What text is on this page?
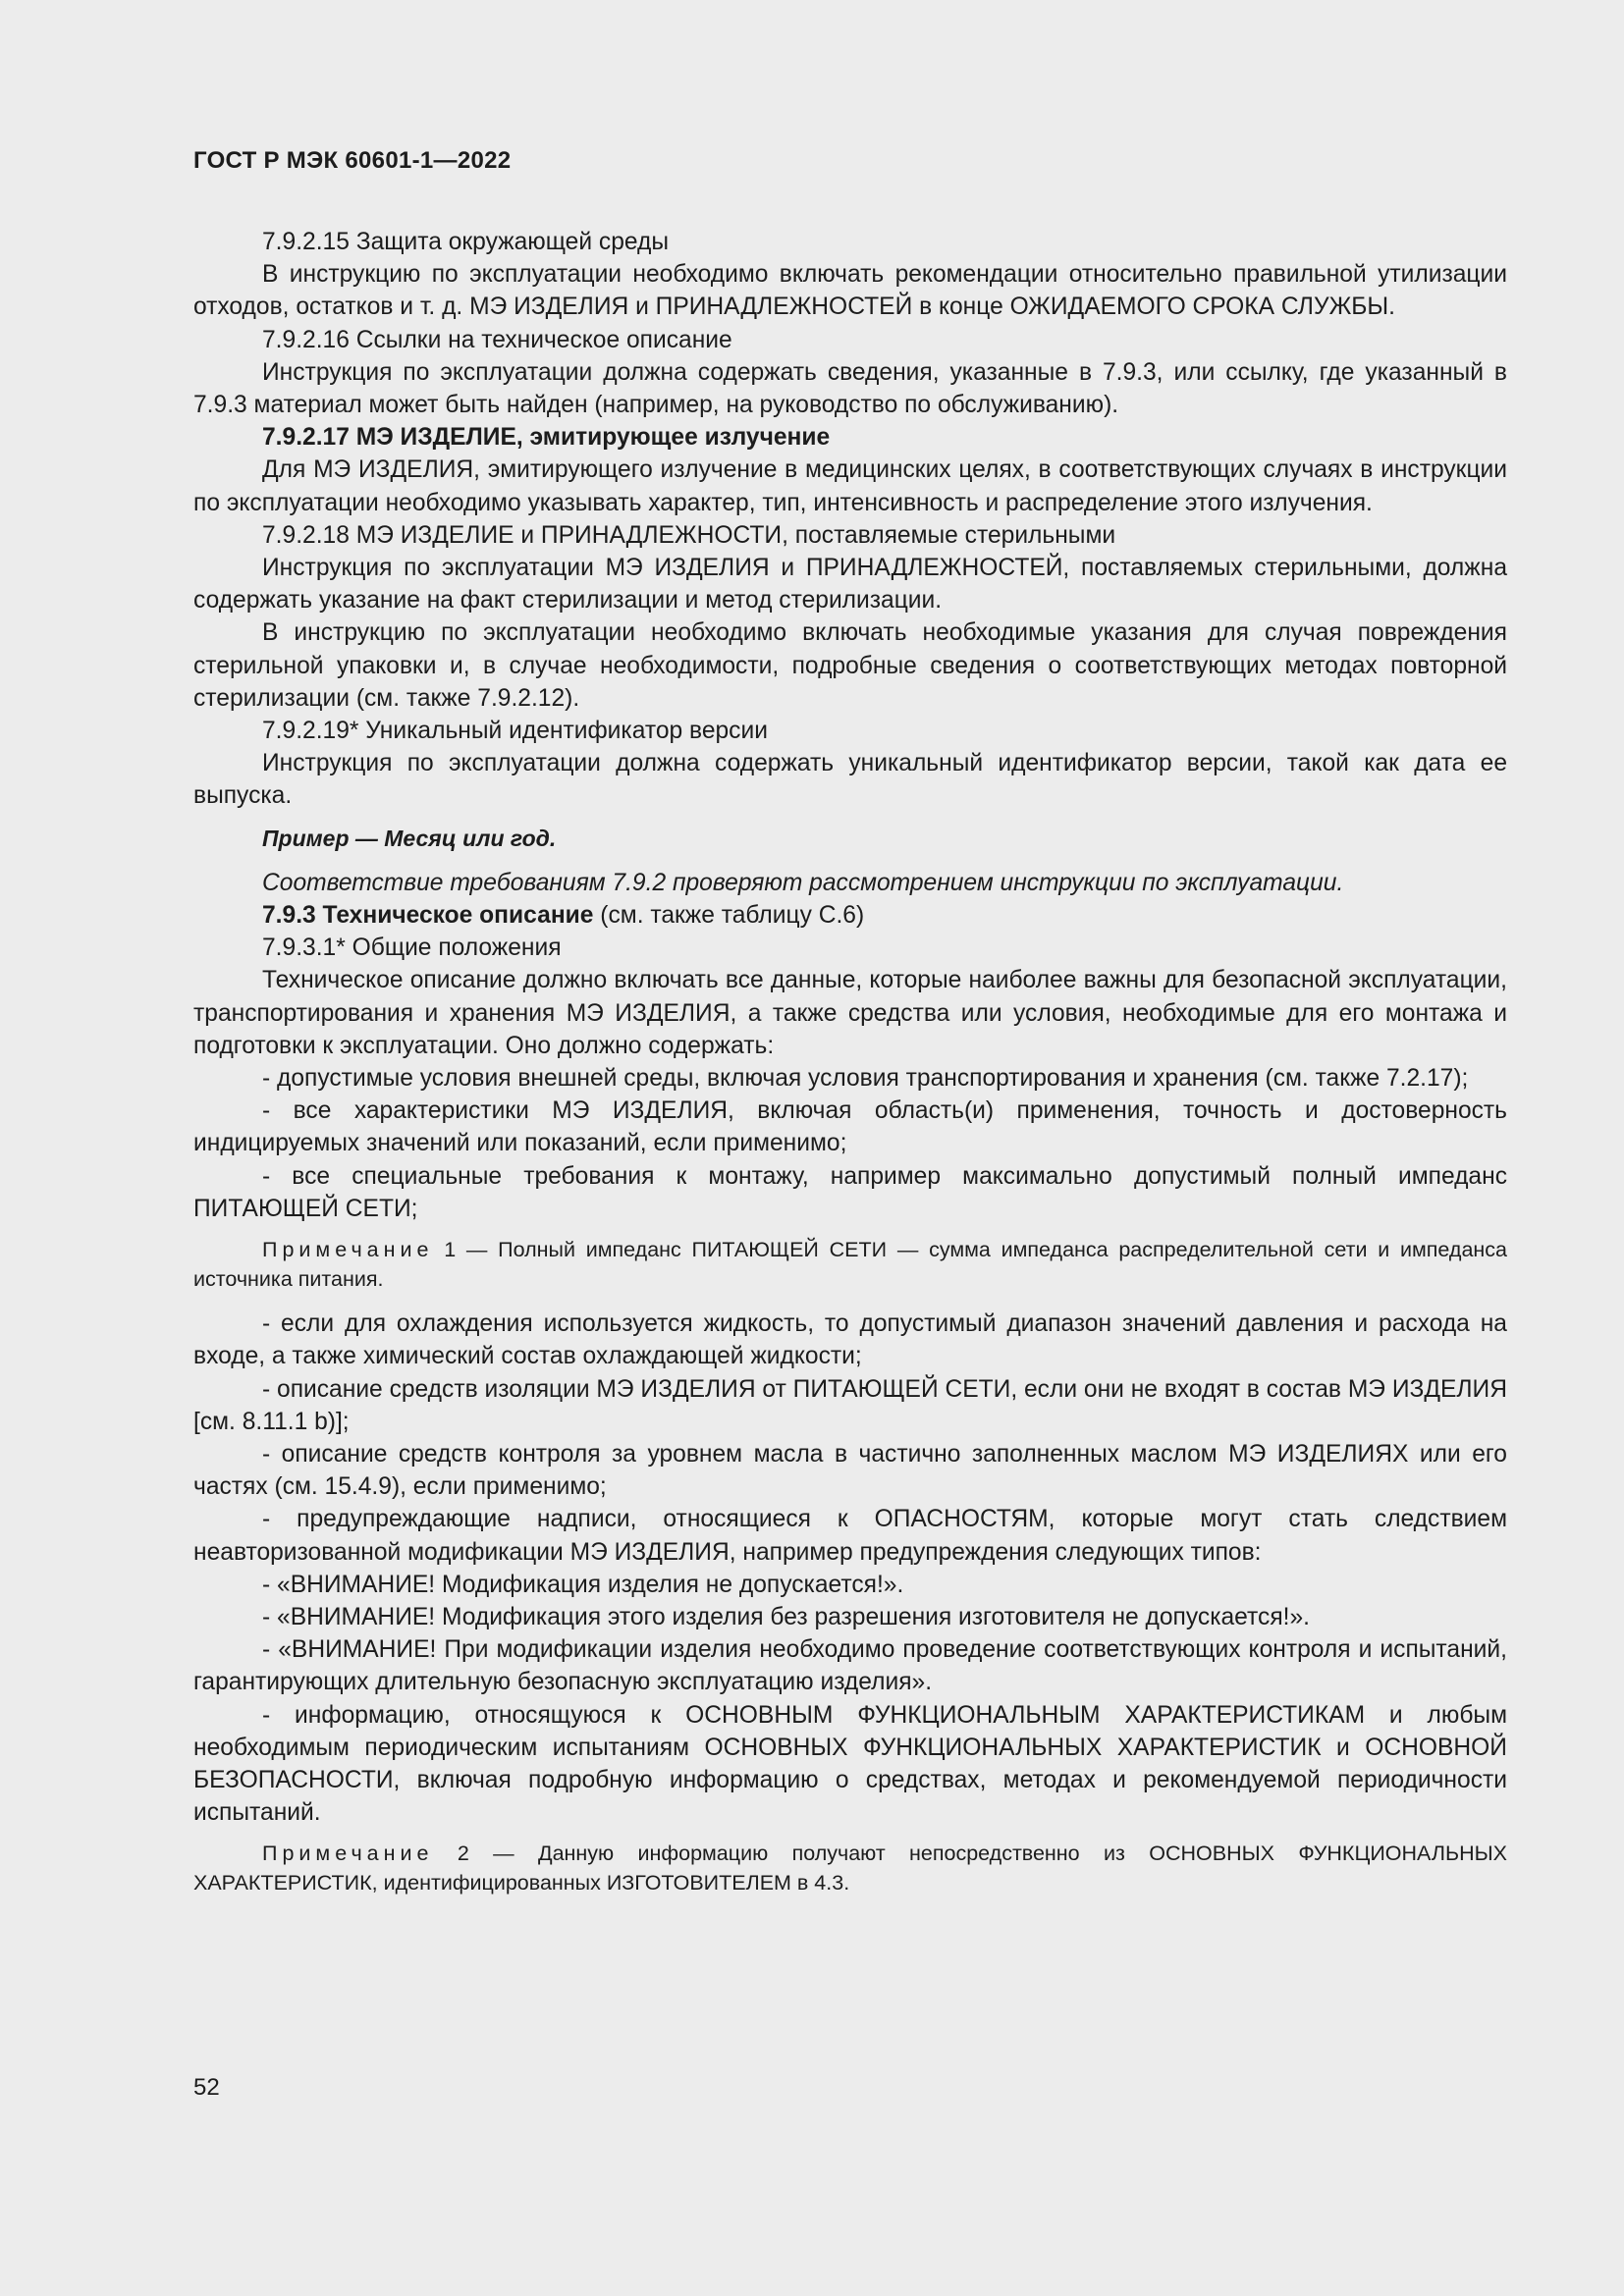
ГОСТ Р МЭК 60601-1—2022

7.9.2.15 Защита окружающей среды

В инструкцию по эксплуатации необходимо включать рекомендации относительно правильной утилизации отходов, остатков и т. д. МЭ ИЗДЕЛИЯ и ПРИНАДЛЕЖНОСТЕЙ в конце ОЖИДАЕМОГО СРОКА СЛУЖБЫ.

7.9.2.16 Ссылки на техническое описание

Инструкция по эксплуатации должна содержать сведения, указанные в 7.9.3, или ссылку, где указанный в 7.9.3 материал может быть найден (например, на руководство по обслуживанию).

7.9.2.17 МЭ ИЗДЕЛИЕ, эмитирующее излучение

Для МЭ ИЗДЕЛИЯ, эмитирующего излучение в медицинских целях, в соответствующих случаях в инструкции по эксплуатации необходимо указывать характер, тип, интенсивность и распределение этого излучения.

7.9.2.18 МЭ ИЗДЕЛИЕ и ПРИНАДЛЕЖНОСТИ, поставляемые стерильными

Инструкция по эксплуатации МЭ ИЗДЕЛИЯ и ПРИНАДЛЕЖНОСТЕЙ, поставляемых стерильными, должна содержать указание на факт стерилизации и метод стерилизации.

В инструкцию по эксплуатации необходимо включать необходимые указания для случая повреждения стерильной упаковки и, в случае необходимости, подробные сведения о соответствующих методах повторной стерилизации (см. также 7.9.2.12).

7.9.2.19* Уникальный идентификатор версии

Инструкция по эксплуатации должна содержать уникальный идентификатор версии, такой как дата ее выпуска.

Пример — Месяц или год.

Соответствие требованиям 7.9.2 проверяют рассмотрением инструкции по эксплуатации.

7.9.3 Техническое описание (см. также таблицу С.6)

7.9.3.1* Общие положения

Техническое описание должно включать все данные, которые наиболее важны для безопасной эксплуатации, транспортирования и хранения МЭ ИЗДЕЛИЯ, а также средства или условия, необходимые для его монтажа и подготовки к эксплуатации. Оно должно содержать:

- допустимые условия внешней среды, включая условия транспортирования и хранения (см. также 7.2.17);

- все характеристики МЭ ИЗДЕЛИЯ, включая область(и) применения, точность и достоверность индицируемых значений или показаний, если применимо;

- все специальные требования к монтажу, например максимально допустимый полный импеданс ПИТАЮЩЕЙ СЕТИ;

Примечание 1 — Полный импеданс ПИТАЮЩЕЙ СЕТИ — сумма импеданса распределительной сети и импеданса источника питания.

- если для охлаждения используется жидкость, то допустимый диапазон значений давления и расхода на входе, а также химический состав охлаждающей жидкости;

- описание средств изоляции МЭ ИЗДЕЛИЯ от ПИТАЮЩЕЙ СЕТИ, если они не входят в состав МЭ ИЗДЕЛИЯ [см. 8.11.1 b)];

- описание средств контроля за уровнем масла в частично заполненных маслом МЭ ИЗДЕЛИЯХ или его частях (см. 15.4.9), если применимо;

- предупреждающие надписи, относящиеся к ОПАСНОСТЯМ, которые могут стать следствием неавторизованной модификации МЭ ИЗДЕЛИЯ, например предупреждения следующих типов:

- «ВНИМАНИЕ! Модификация изделия не допускается!».

- «ВНИМАНИЕ! Модификация этого изделия без разрешения изготовителя не допускается!».

- «ВНИМАНИЕ! При модификации изделия необходимо проведение соответствующих контроля и испытаний, гарантирующих длительную безопасную эксплуатацию изделия».

- информацию, относящуюся к ОСНОВНЫМ ФУНКЦИОНАЛЬНЫМ ХАРАКТЕРИСТИКАМ и любым необходимым периодическим испытаниям ОСНОВНЫХ ФУНКЦИОНАЛЬНЫХ ХАРАКТЕРИСТИК и ОСНОВНОЙ БЕЗОПАСНОСТИ, включая подробную информацию о средствах, методах и рекомендуемой периодичности испытаний.

Примечание 2 — Данную информацию получают непосредственно из ОСНОВНЫХ ФУНКЦИОНАЛЬНЫХ ХАРАКТЕРИСТИК, идентифицированных ИЗГОТОВИТЕЛЕМ в 4.3.

52
